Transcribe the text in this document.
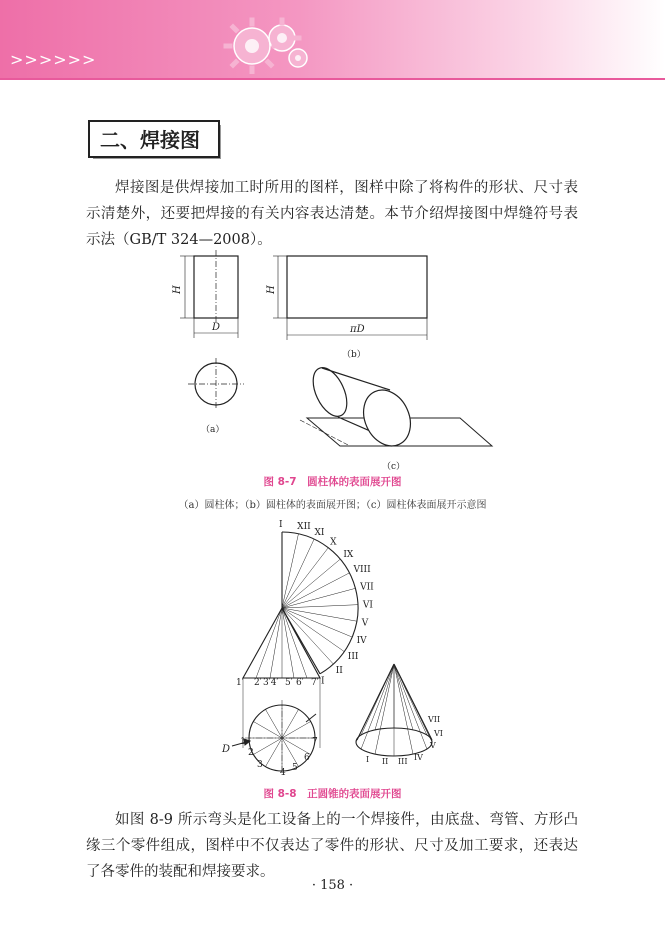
>>>>>>
二、焊接图
焊接图是供焊接加工时所用的图样，图样中除了将构件的形状、尺寸表示清楚外，还要把焊接的有关内容表达清楚。本节介绍焊接图中焊缝符号表示法（GB/T 324—2008）。
H
D
H
πD
（a）
（b）
（c）
图 8-7　圆柱体的表面展开图
（a）圆柱体；（b）圆柱体的表面展开图；（c）圆柱体表面展开示意图
I XII
XI
X
IX
VIII
VII
VI
V
IV
III
II
I
1′ 2′ 3′4′ 5′ 6′ 7′
1
2
3
4 5
6
7
I II III IV
V
VI
VII
D
图 8-8　正圆锥的表面展开图
如图 8-9 所示弯头是化工设备上的一个焊接件，由底盘、弯管、方形凸缘三个零件组成，图样中不仅表达了零件的形状、尺寸及加工要求，还表达了各零件的装配和焊接要求。
· 158 ·
